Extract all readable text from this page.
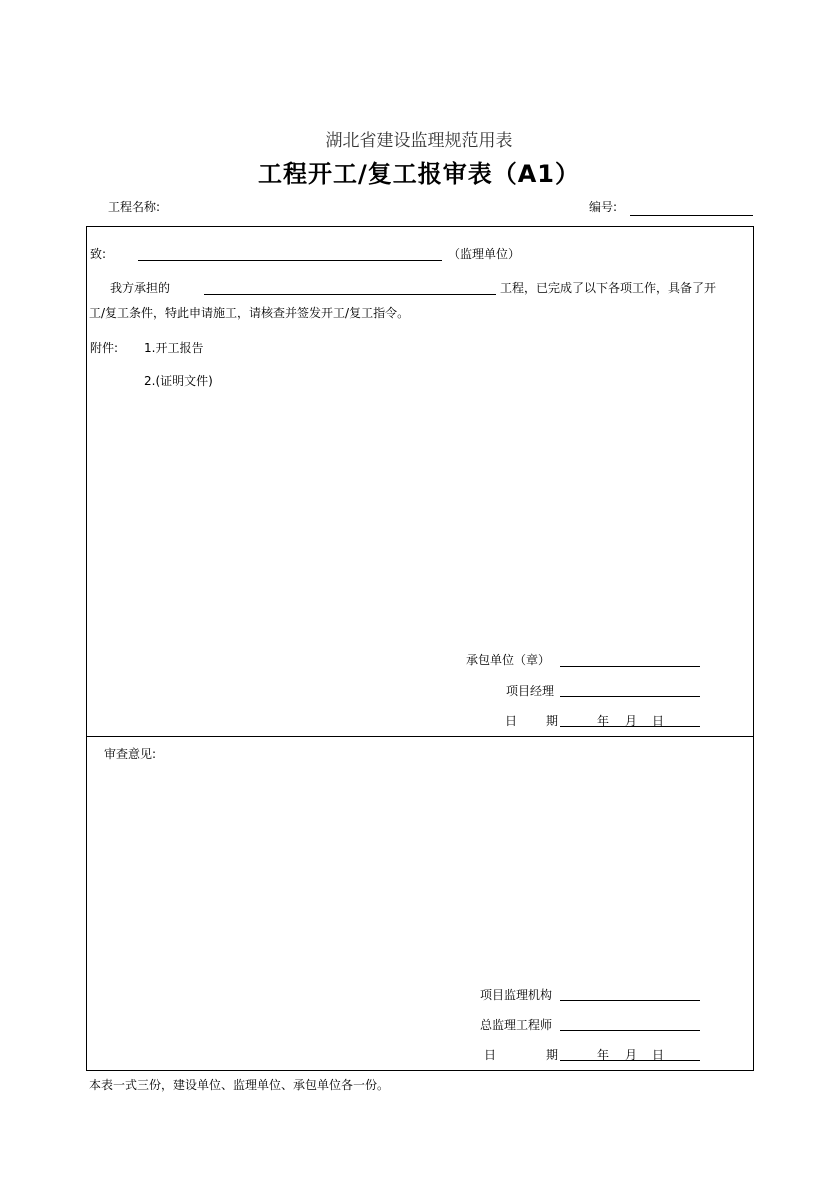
湖北省建设监理规范用表
工程开工/复工报审表（A1）
工程名称:	编号:
致:	（监理单位）
我方承担的	工程，已完成了以下各项工作，具备了开
工/复工条件，特此申请施工，请核查并签发开工/复工指令。
附件: 1.开工报告
2.(证明文件)
承包单位（章）
项目经理
日 期	年 月 日
审查意见:
项目监理机构
总监理工程师
日	期	年 月 日
本表一式三份，建设单位、监理单位、承包单位各一份。
